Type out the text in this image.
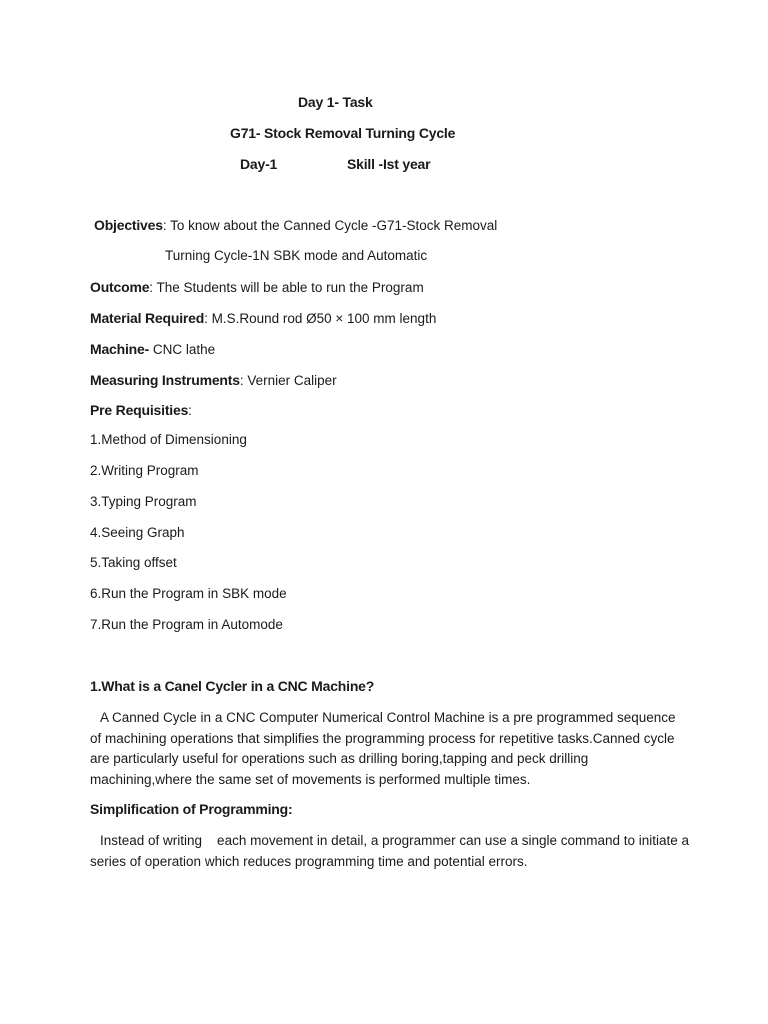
Day 1- Task
G71- Stock Removal Turning Cycle
Day-1	Skill -Ist year
Objectives: To know about the Canned Cycle -G71-Stock Removal
Turning Cycle-1N SBK mode and Automatic
Outcome: The Students will be able to run the Program
Material Required: M.S.Round rod Ø50 × 100 mm length
Machine- CNC lathe
Measuring Instruments: Vernier Caliper
Pre Requisities:
1.Method of Dimensioning
2.Writing Program
3.Typing Program
4.Seeing Graph
5.Taking offset
6.Run the Program in SBK mode
7.Run the Program in Automode
1.What is a Canel Cycler in a CNC Machine?
A Canned Cycle in a CNC Computer Numerical Control Machine is a pre programmed sequence of machining operations that simplifies the programming process for repetitive tasks.Canned cycle are particularly useful for operations such as drilling boring,tapping and peck drilling machining,where the same set of movements is performed multiple times.
Simplification of Programming:
Instead of writing    each movement in detail, a programmer can use a single command to initiate a series of operation which reduces programming time and potential errors.
